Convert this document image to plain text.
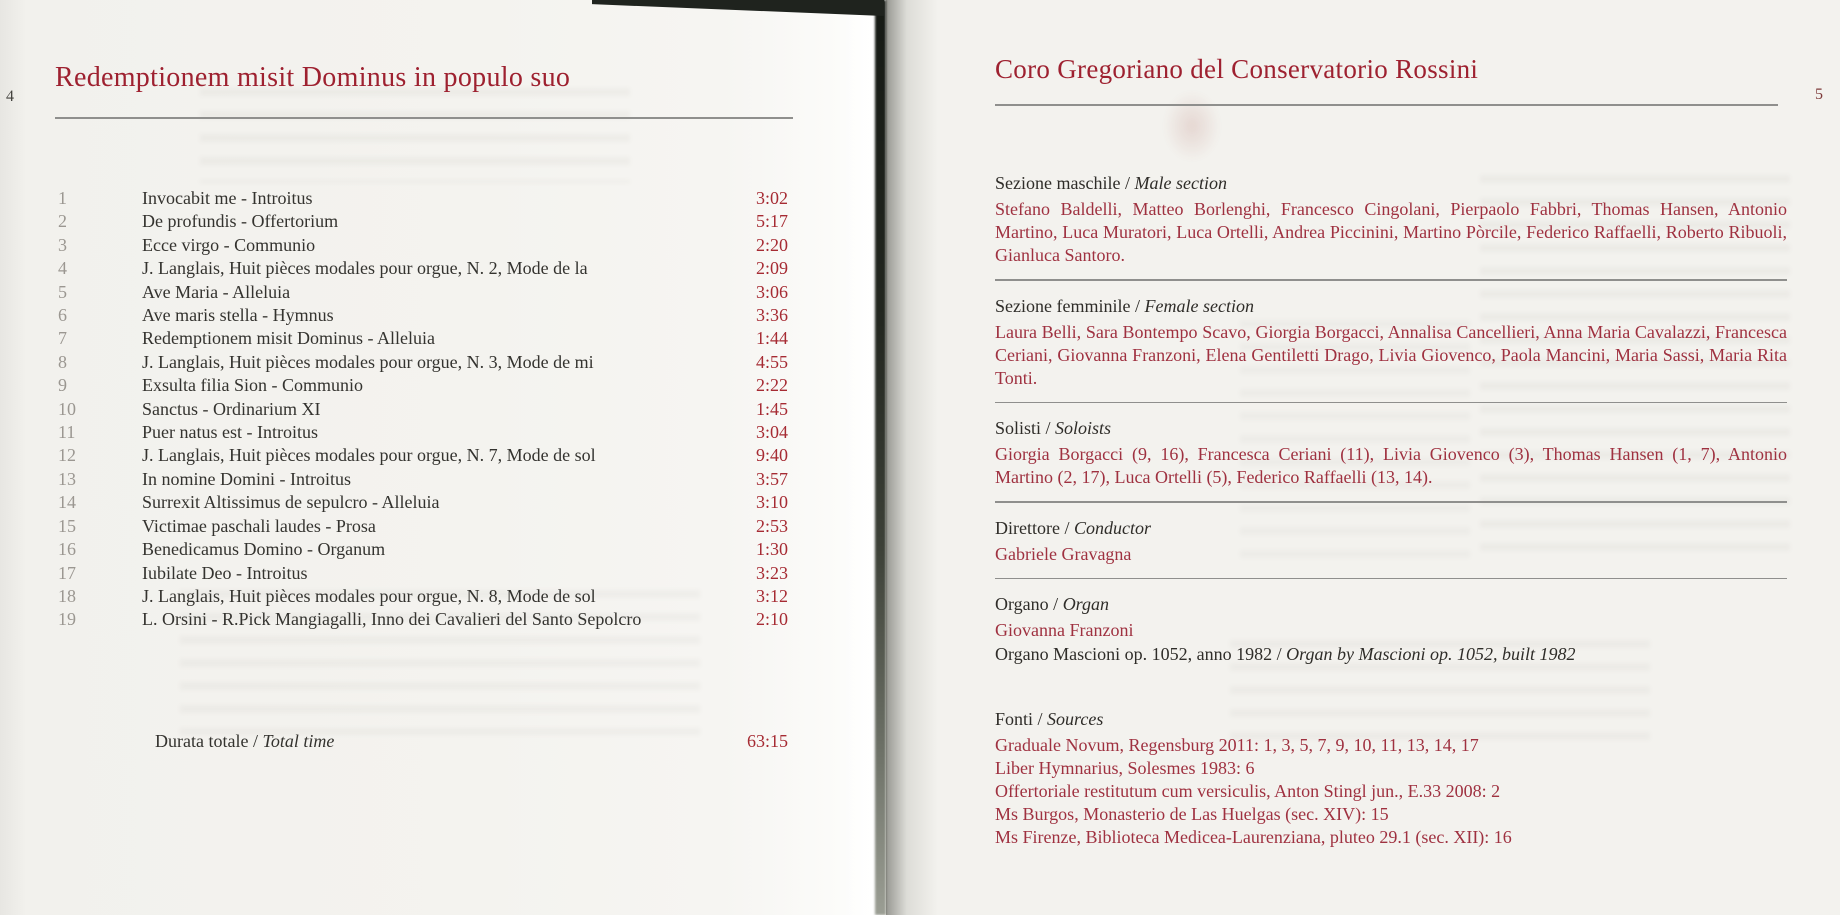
4
Redemptionem misit Dominus in populo suo
1	Invocabit me - Introitus	3:02
2	De profundis - Offertorium	5:17
3	Ecce virgo - Communio	2:20
4	J. Langlais, Huit pièces modales pour orgue, N. 2, Mode de la	2:09
5	Ave Maria - Alleluia	3:06
6	Ave maris stella - Hymnus	3:36
7	Redemptionem misit Dominus - Alleluia	1:44
8	J. Langlais, Huit pièces modales pour orgue, N. 3, Mode de mi	4:55
9	Exsulta filia Sion - Communio	2:22
10	Sanctus - Ordinarium XI	1:45
11	Puer natus est - Introitus	3:04
12	J. Langlais, Huit pièces modales pour orgue, N. 7, Mode de sol	9:40
13	In nomine Domini - Introitus	3:57
14	Surrexit Altissimus de sepulcro - Alleluia	3:10
15	Victimae paschali laudes - Prosa	2:53
16	Benedicamus Domino - Organum	1:30
17	Iubilate Deo - Introitus	3:23
18	J. Langlais, Huit pièces modales pour orgue, N. 8, Mode de sol	3:12
19	L. Orsini - R.Pick Mangiagalli, Inno dei Cavalieri del Santo Sepolcro	2:10
Durata totale / Total time	63:15
5
Coro Gregoriano del Conservatorio Rossini
Sezione maschile / Male section
Stefano Baldelli, Matteo Borlenghi, Francesco Cingolani, Pierpaolo Fabbri, Thomas Hansen, Antonio Martino, Luca Muratori, Luca Ortelli, Andrea Piccinini, Martino Pòrcile, Federico Raffaelli, Roberto Ribuoli, Gianluca Santoro.
Sezione femminile / Female section
Laura Belli, Sara Bontempo Scavo, Giorgia Borgacci, Annalisa Cancellieri, Anna Maria Cavalazzi, Francesca Ceriani, Giovanna Franzoni, Elena Gentiletti Drago, Livia Giovenco, Paola Mancini, Maria Sassi, Maria Rita Tonti.
Solisti / Soloists
Giorgia Borgacci (9, 16), Francesca Ceriani (11), Livia Giovenco (3), Thomas Hansen (1, 7), Antonio Martino (2, 17), Luca Ortelli (5), Federico Raffaelli (13, 14).
Direttore / Conductor
Gabriele Gravagna
Organo / Organ
Giovanna Franzoni
Organo Mascioni op. 1052, anno 1982 / Organ by Mascioni op. 1052, built 1982
Fonti / Sources
Graduale Novum, Regensburg 2011: 1, 3, 5, 7, 9, 10, 11, 13, 14, 17
Liber Hymnarius, Solesmes 1983: 6
Offertoriale restitutum cum versiculis, Anton Stingl jun., E.33 2008: 2
Ms Burgos, Monasterio de Las Huelgas (sec. XIV): 15
Ms Firenze, Biblioteca Medicea-Laurenziana, pluteo 29.1 (sec. XII): 16
